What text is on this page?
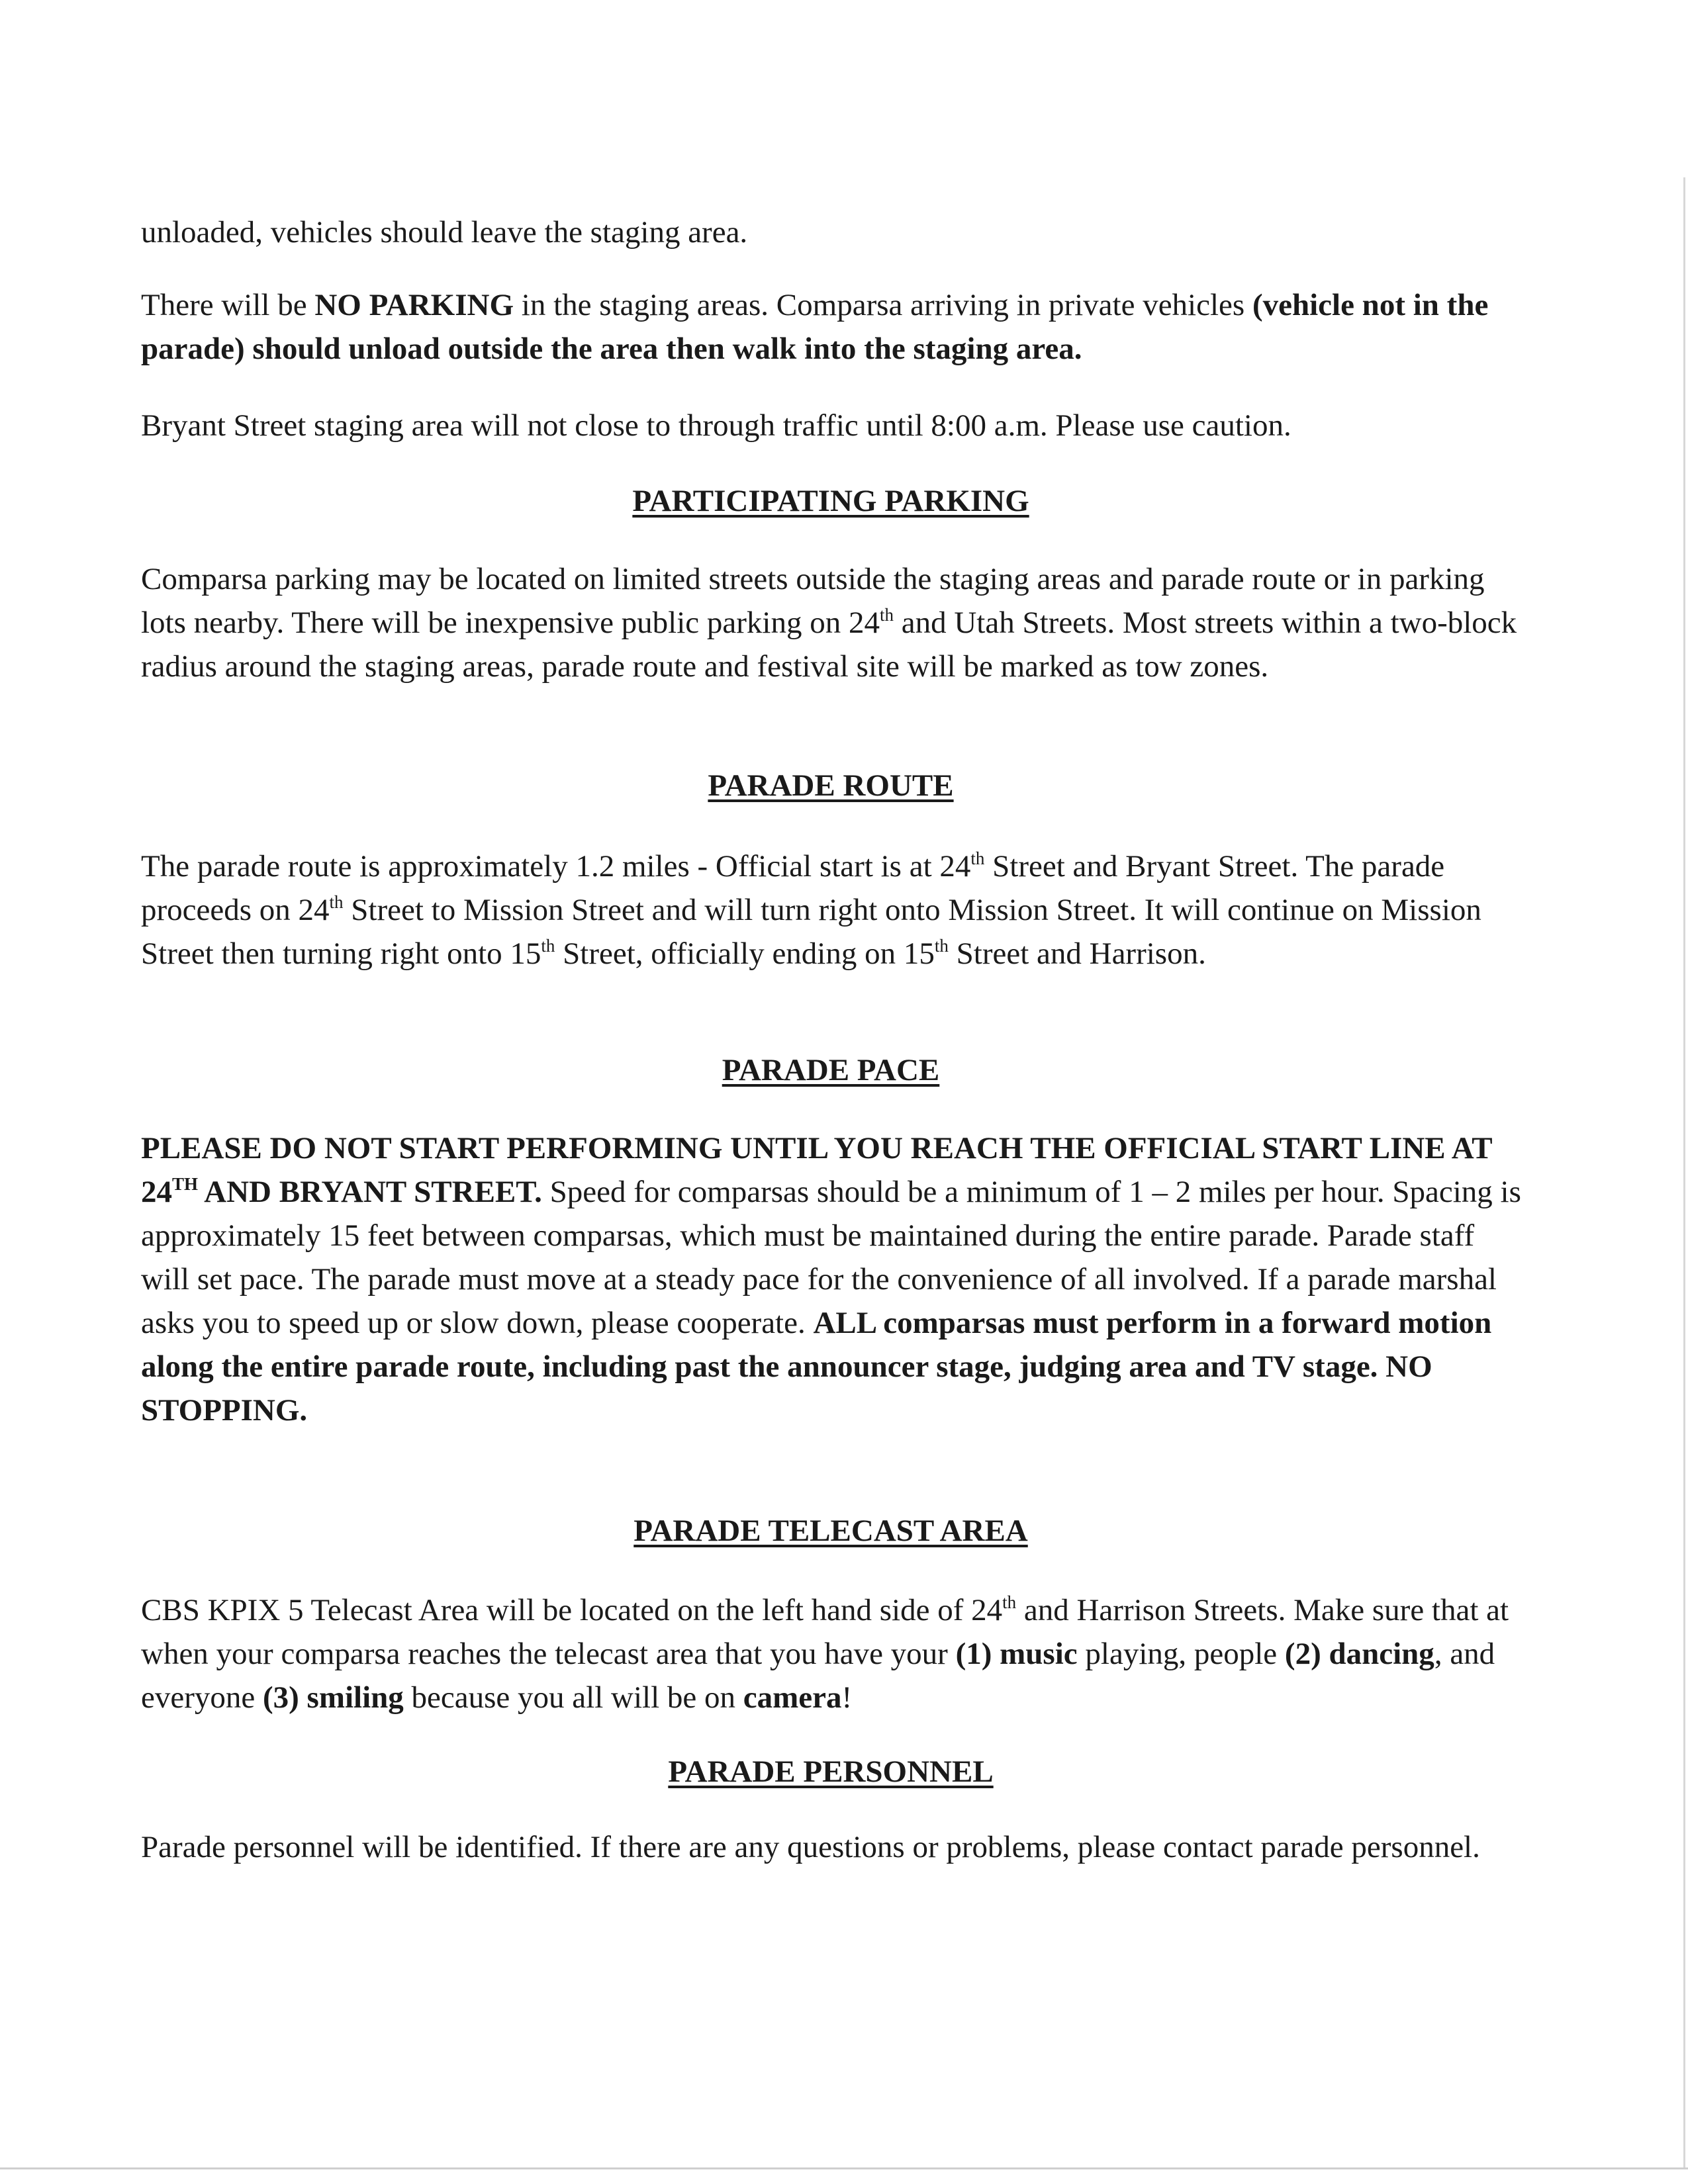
unloaded, vehicles should leave the staging area.

There will be NO PARKING in the staging areas. Comparsa arriving in private vehicles (vehicle not in the parade) should unload outside the area then walk into the staging area.

Bryant Street staging area will not close to through traffic until 8:00 a.m. Please use caution.

PARTICIPATING PARKING

Comparsa parking may be located on limited streets outside the staging areas and parade route or in parking lots nearby. There will be inexpensive public parking on 24th and Utah Streets. Most streets within a two-block radius around the staging areas, parade route and festival site will be marked as tow zones.

PARADE ROUTE

The parade route is approximately 1.2 miles - Official start is at 24th Street and Bryant Street. The parade proceeds on 24th Street to Mission Street and will turn right onto Mission Street. It will continue on Mission Street then turning right onto 15th Street, officially ending on 15th Street and Harrison.

PARADE PACE

PLEASE DO NOT START PERFORMING UNTIL YOU REACH THE OFFICIAL START LINE AT 24TH AND BRYANT STREET. Speed for comparsas should be a minimum of 1 – 2 miles per hour. Spacing is approximately 15 feet between comparsas, which must be maintained during the entire parade. Parade staff will set pace. The parade must move at a steady pace for the convenience of all involved. If a parade marshal asks you to speed up or slow down, please cooperate. ALL comparsas must perform in a forward motion along the entire parade route, including past the announcer stage, judging area and TV stage. NO STOPPING.

PARADE TELECAST AREA

CBS KPIX 5 Telecast Area will be located on the left hand side of 24th and Harrison Streets. Make sure that at when your comparsa reaches the telecast area that you have your (1) music playing, people (2) dancing, and everyone (3) smiling because you all will be on camera!

PARADE PERSONNEL

Parade personnel will be identified. If there are any questions or problems, please contact parade personnel.
